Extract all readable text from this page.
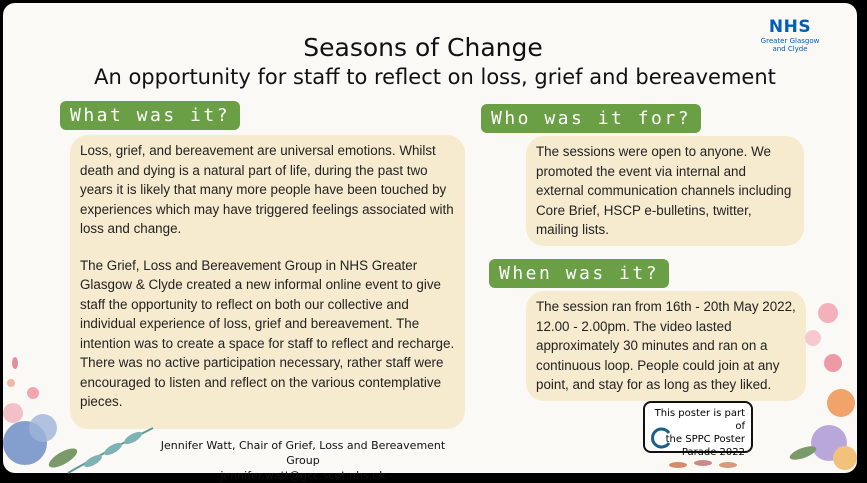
Seasons of Change
An opportunity for staff to reflect on loss, grief and bereavement
NHS
Greater Glasgow
and Clyde
What was it?

Loss, grief, and bereavement are universal emotions. Whilst death and dying is a natural part of life, during the past two years it is likely that many more people have been touched by experiences which may have triggered feelings associated with loss and change.

The Grief, Loss and Bereavement Group in NHS Greater Glasgow & Clyde created a new informal online event to give staff the opportunity to reflect on both our collective and individual experience of loss, grief and bereavement. The intention was to create a space for staff to reflect and recharge. There was no active participation necessary, rather staff were encouraged to listen and reflect on the various contemplative pieces.

Who was it for?

The sessions were open to anyone. We promoted the event via internal and external communication channels including Core Brief, HSCP e-bulletins, twitter, mailing lists.

When was it?

The session ran from 16th - 20th May 2022, 12.00 - 2.00pm. The video lasted approximately 30 minutes and ran on a continuous loop. People could join at any point, and stay for as long as they liked.

Jennifer Watt, Chair of Grief, Loss and Bereavement Group
jennifer.watt@gcc.scot.nhs.uk
This poster is part of
the SPPC Poster
Parade 2022
